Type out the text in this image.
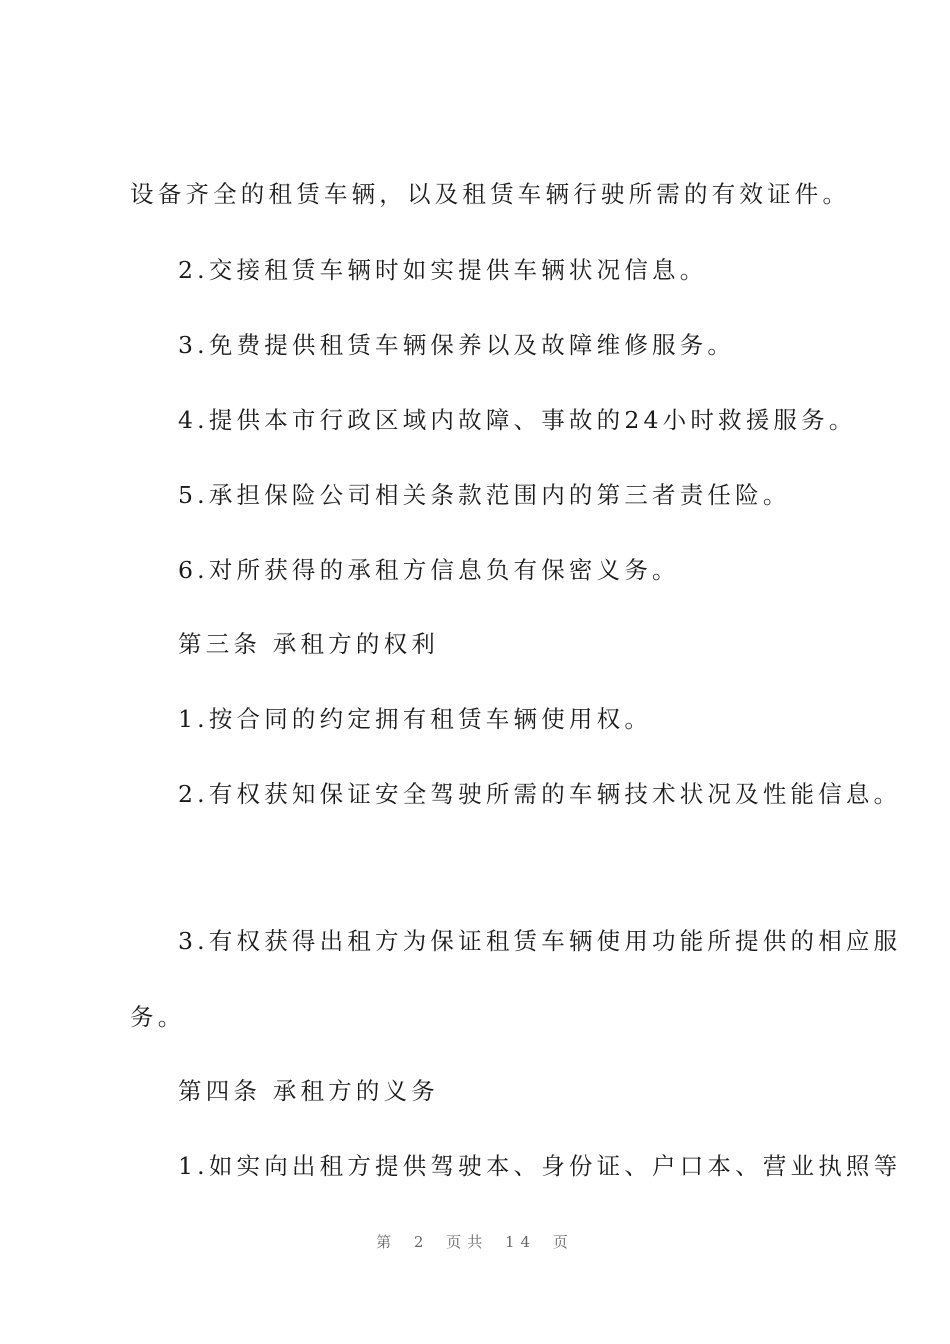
设备齐全的租赁车辆，以及租赁车辆行驶所需的有效证件。
2.交接租赁车辆时如实提供车辆状况信息。
3.免费提供租赁车辆保养以及故障维修服务。
4.提供本市行政区域内故障、事故的24小时救援服务。
5.承担保险公司相关条款范围内的第三者责任险。
6.对所获得的承租方信息负有保密义务。
第三条 承租方的权利
1.按合同的约定拥有租赁车辆使用权。
2.有权获知保证安全驾驶所需的车辆技术状况及性能信息。
3.有权获得出租方为保证租赁车辆使用功能所提供的相应服
务。
第四条 承租方的义务
1.如实向出租方提供驾驶本、身份证、户口本、营业执照等
第 2 页共 14 页
